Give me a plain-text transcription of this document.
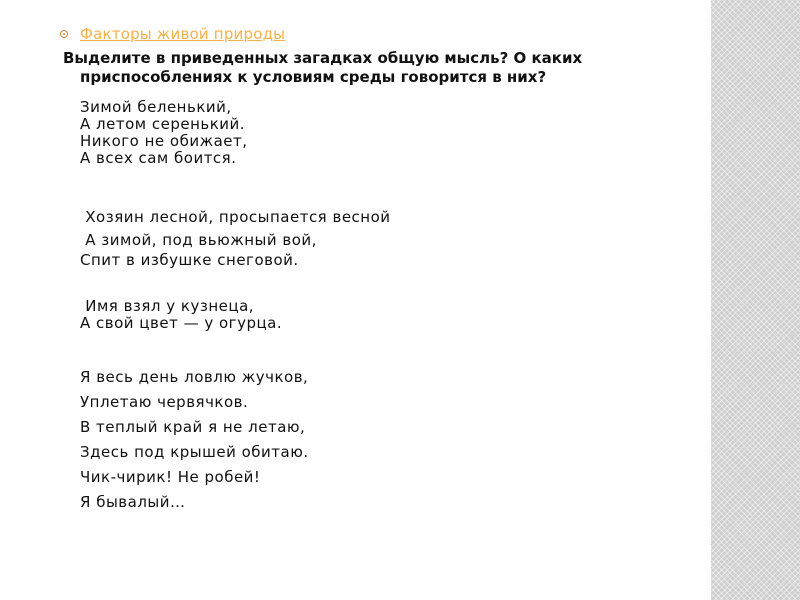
Факторы живой природы
Выделите в приведенных загадках общую мысль? О каких
приспособлениях к условиям среды говорится в них?
Зимой беленький,
А летом серенький.
Никого не обижает,
А всех сам боится.
Хозяин лесной, просыпается весной
А зимой, под вьюжный вой,
Спит в избушке снеговой.
Имя взял у кузнеца,
А свой цвет — у огурца.
Я весь день ловлю жучков,
Уплетаю червячков.
В теплый край я не летаю,
Здесь под крышей обитаю.
Чик-чирик! Не робей!
Я бывалый…
